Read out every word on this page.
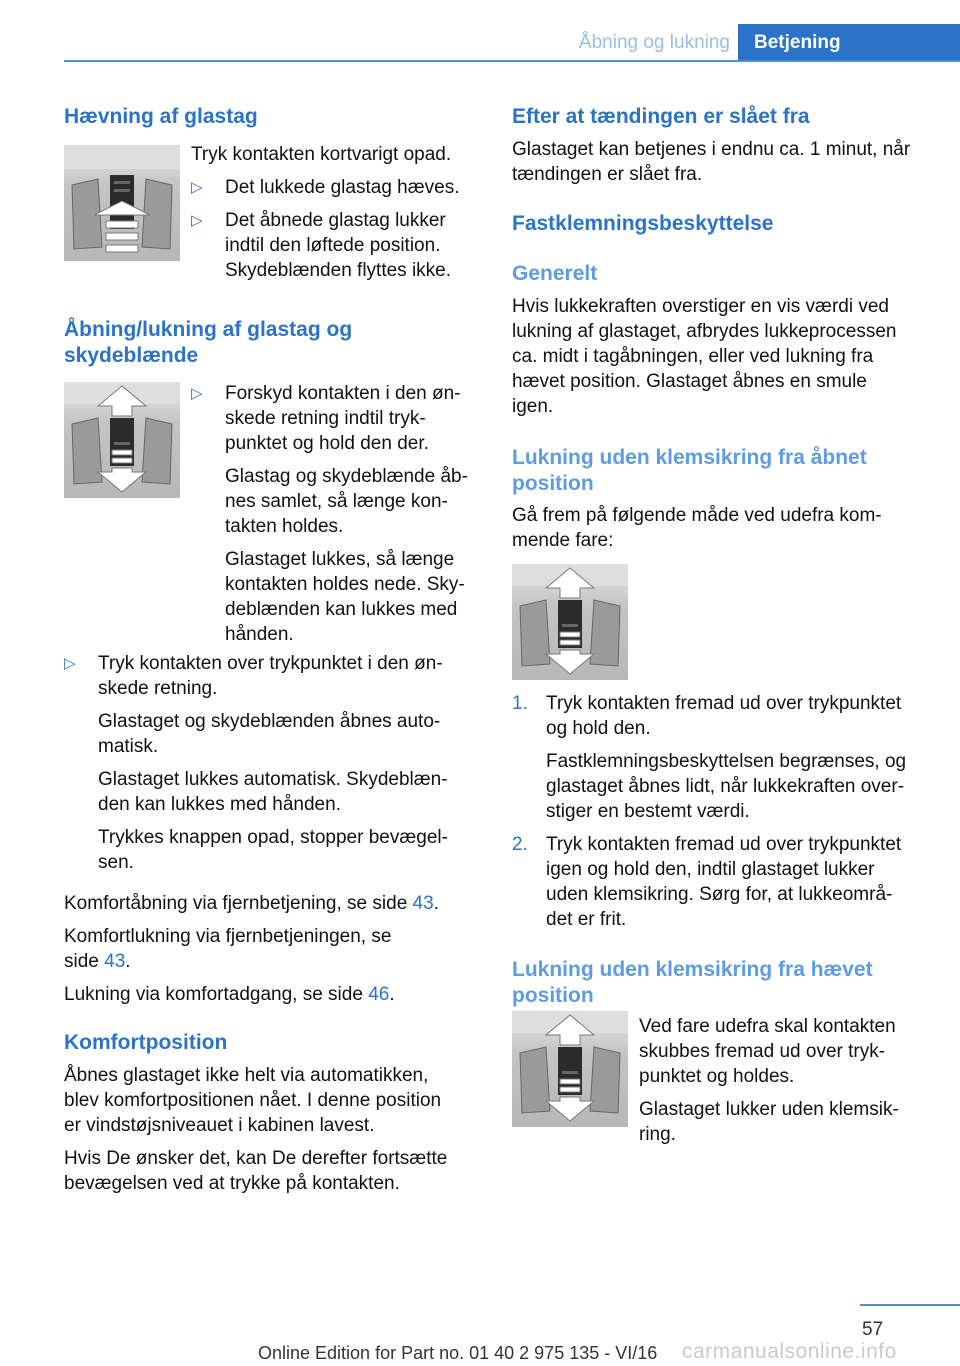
Åbning og lukning	Betjening
Hævning af glastag

Tryk kontakten kortvarigt opad.

▷ Det lukkede glastag hæves.

▷ Det åbnede glastag lukker
indtil den løftede position.
Skydeblænden flyttes ikke.

Åbning/lukning af glastag og
skydeblænde
▷ Forskyd kontakten i den øn-
skede retning indtil tryk-
punktet og hold den der.

Glastag og skydeblænde åb-
nes samlet, så længe kon-
takten holdes.

Glastaget lukkes, så længe
kontakten holdes nede. Sky-
deblænden kan lukkes med
hånden.

▷ Tryk kontakten over trykpunktet i den øn-
skede retning.

Glastaget og skydeblænden åbnes auto-
matisk.

Glastaget lukkes automatisk. Skydeblæn-
den kan lukkes med hånden.

Trykkes knappen opad, stopper bevægel-
sen.

Komfortåbning via fjernbetjening, se side 43.

Komfortlukning via fjernbetjeningen, se
side 43.

Lukning via komfortadgang, se side 46.

Komfortposition

Åbnes glastaget ikke helt via automatikken,
blev komfortpositionen nået. I denne position
er vindstøjsniveauet i kabinen lavest.

Hvis De ønsker det, kan De derefter fortsætte
bevægelsen ved at trykke på kontakten.

Efter at tændingen er slået fra

Glastaget kan betjenes i endnu ca. 1 minut, når
tændingen er slået fra.

Fastklemningsbeskyttelse
Generelt

Hvis lukkekraften overstiger en vis værdi ved
lukning af glastaget, afbrydes lukkeprocessen
ca. midt i tagåbningen, eller ved lukning fra
hævet position. Glastaget åbnes en smule
igen.

Lukning uden klemsikring fra åbnet
position

Gå frem på følgende måde ved udefra kom-
mende fare:

1. Tryk kontakten fremad ud over trykpunktet
og hold den.

Fastklemningsbeskyttelsen begrænses, og
glastaget åbnes lidt, når lukkekraften over-
stiger en bestemt værdi.

2. Tryk kontakten fremad ud over trykpunktet
igen og hold den, indtil glastaget lukker
uden klemsikring. Sørg for, at lukkeområ-
det er frit.

Lukning uden klemsikring fra hævet
position

Ved fare udefra skal kontakten
skubbes fremad ud over tryk-
punktet og holdes.

Glastaget lukker uden klemsik-
ring.

57
Online Edition for Part no. 01 40 2 975 135 - VI/16 carmanualsonline.info
